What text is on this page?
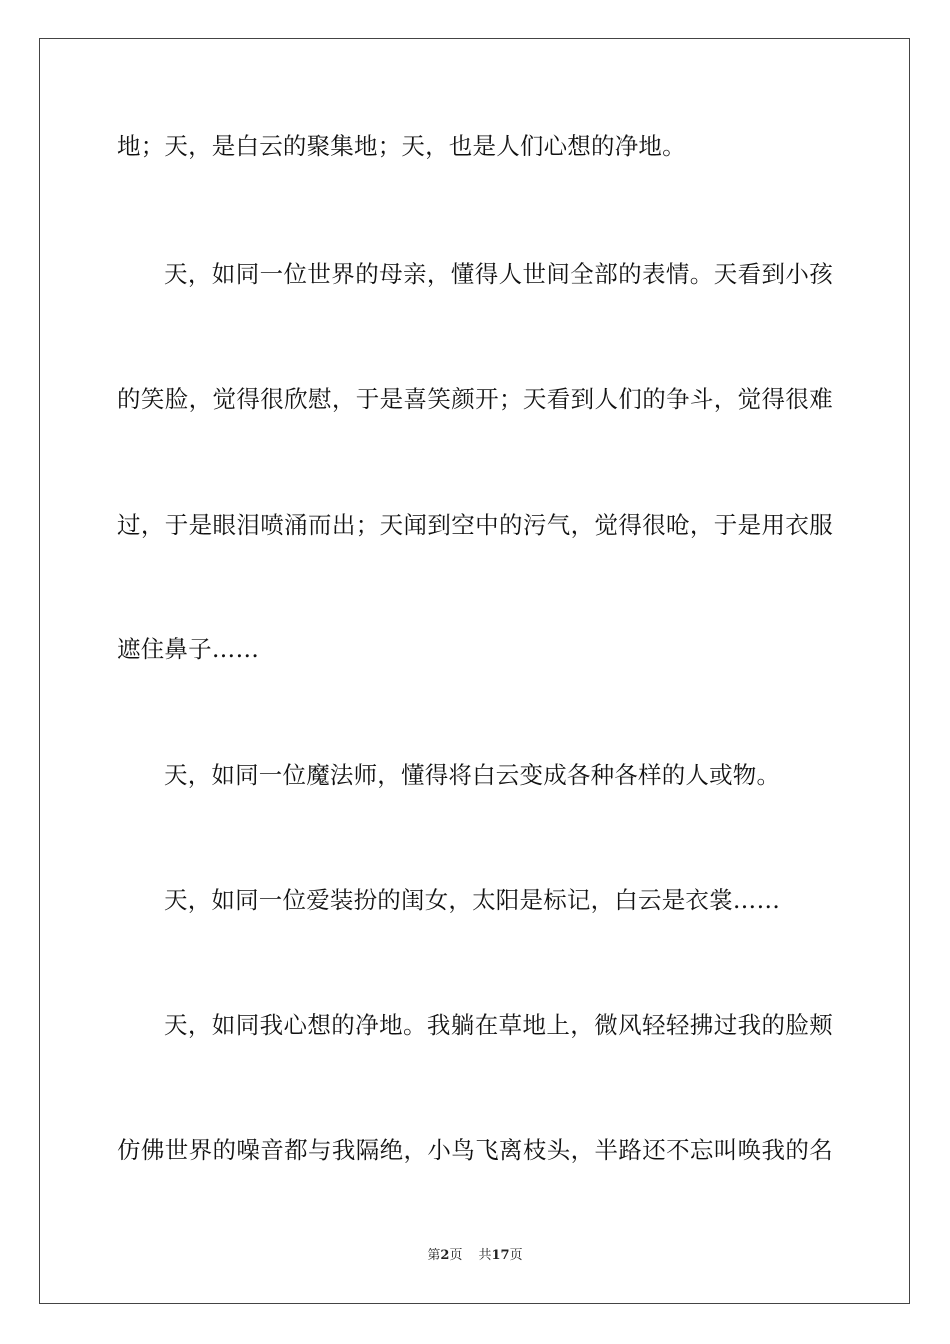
地；天，是白云的聚集地；天，也是人们心想的净地。
天，如同一位世界的母亲，懂得人世间全部的表情。天看到小孩
的笑脸，觉得很欣慰，于是喜笑颜开；天看到人们的争斗，觉得很难
过，于是眼泪喷涌而出；天闻到空中的污气，觉得很呛，于是用衣服
遮住鼻子……
天，如同一位魔法师，懂得将白云变成各种各样的人或物。
天，如同一位爱装扮的闺女，太阳是标记，白云是衣裳……
天，如同我心想的净地。我躺在草地上，微风轻轻拂过我的脸颊
仿佛世界的噪音都与我隔绝，小鸟飞离枝头，半路还不忘叫唤我的名
第2页 共17页
